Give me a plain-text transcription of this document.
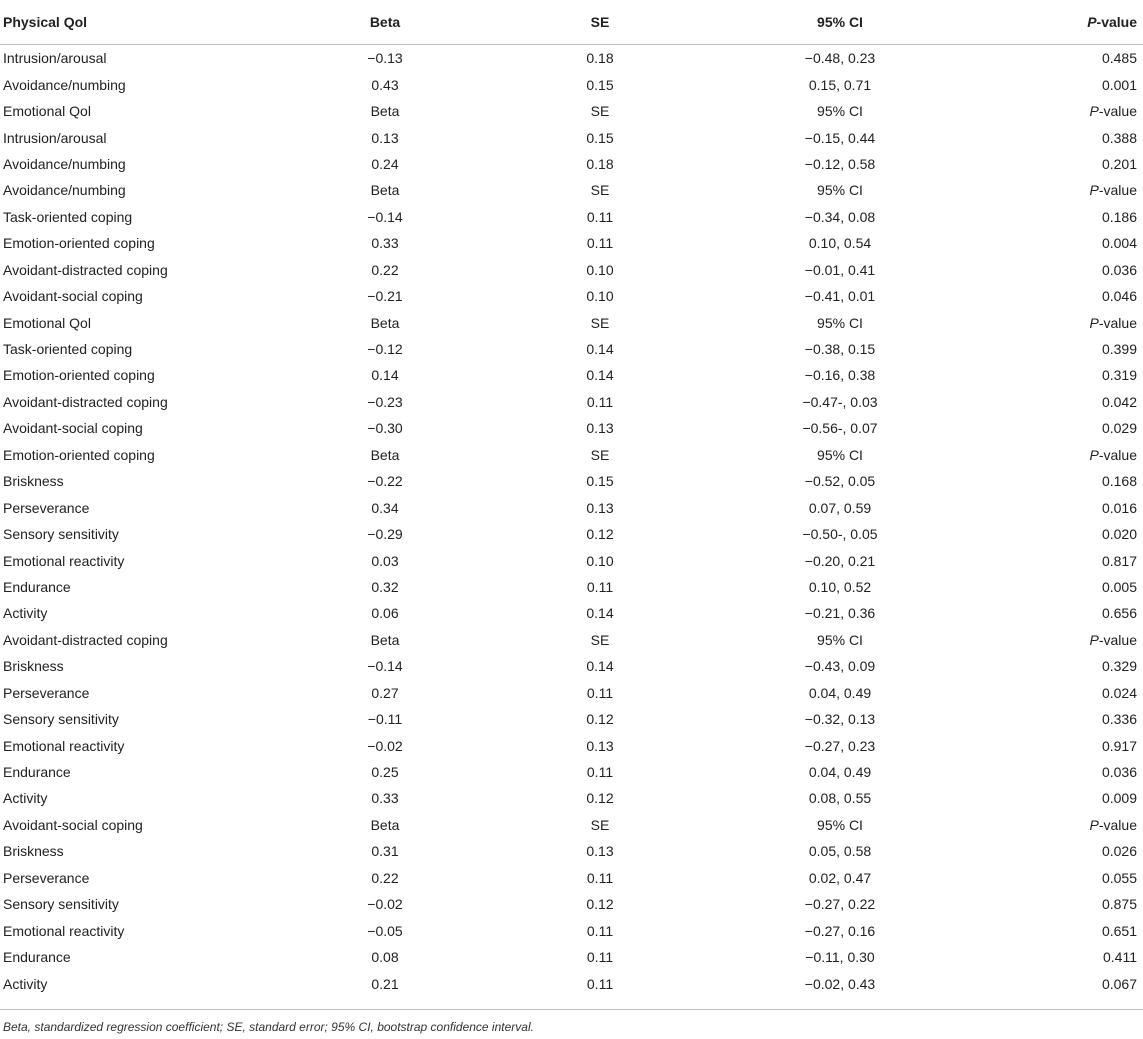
Physical Qol	Beta	SE	95% CI	P-value
Intrusion/arousal	−0.13	0.18	−0.48, 0.23	0.485
Avoidance/numbing	0.43	0.15	0.15, 0.71	0.001
Emotional Qol	Beta	SE	95% CI	P-value
Intrusion/arousal	0.13	0.15	−0.15, 0.44	0.388
Avoidance/numbing	0.24	0.18	−0.12, 0.58	0.201
Avoidance/numbing	Beta	SE	95% CI	P-value
Task-oriented coping	−0.14	0.11	−0.34, 0.08	0.186
Emotion-oriented coping	0.33	0.11	0.10, 0.54	0.004
Avoidant-distracted coping	0.22	0.10	−0.01, 0.41	0.036
Avoidant-social coping	−0.21	0.10	−0.41, 0.01	0.046
Emotional Qol	Beta	SE	95% CI	P-value
Task-oriented coping	−0.12	0.14	−0.38, 0.15	0.399
Emotion-oriented coping	0.14	0.14	−0.16, 0.38	0.319
Avoidant-distracted coping	−0.23	0.11	−0.47-, 0.03	0.042
Avoidant-social coping	−0.30	0.13	−0.56-, 0.07	0.029
Emotion-oriented coping	Beta	SE	95% CI	P-value
Briskness	−0.22	0.15	−0.52, 0.05	0.168
Perseverance	0.34	0.13	0.07, 0.59	0.016
Sensory sensitivity	−0.29	0.12	−0.50-, 0.05	0.020
Emotional reactivity	0.03	0.10	−0.20, 0.21	0.817
Endurance	0.32	0.11	0.10, 0.52	0.005
Activity	0.06	0.14	−0.21, 0.36	0.656
Avoidant-distracted coping	Beta	SE	95% CI	P-value
Briskness	−0.14	0.14	−0.43, 0.09	0.329
Perseverance	0.27	0.11	0.04, 0.49	0.024
Sensory sensitivity	−0.11	0.12	−0.32, 0.13	0.336
Emotional reactivity	−0.02	0.13	−0.27, 0.23	0.917
Endurance	0.25	0.11	0.04, 0.49	0.036
Activity	0.33	0.12	0.08, 0.55	0.009
Avoidant-social coping	Beta	SE	95% CI	P-value
Briskness	0.31	0.13	0.05, 0.58	0.026
Perseverance	0.22	0.11	0.02, 0.47	0.055
Sensory sensitivity	−0.02	0.12	−0.27, 0.22	0.875
Emotional reactivity	−0.05	0.11	−0.27, 0.16	0.651
Endurance	0.08	0.11	−0.11, 0.30	0.411
Activity	0.21	0.11	−0.02, 0.43	0.067
Beta, standardized regression coefficient; SE, standard error; 95% CI, bootstrap confidence interval.
